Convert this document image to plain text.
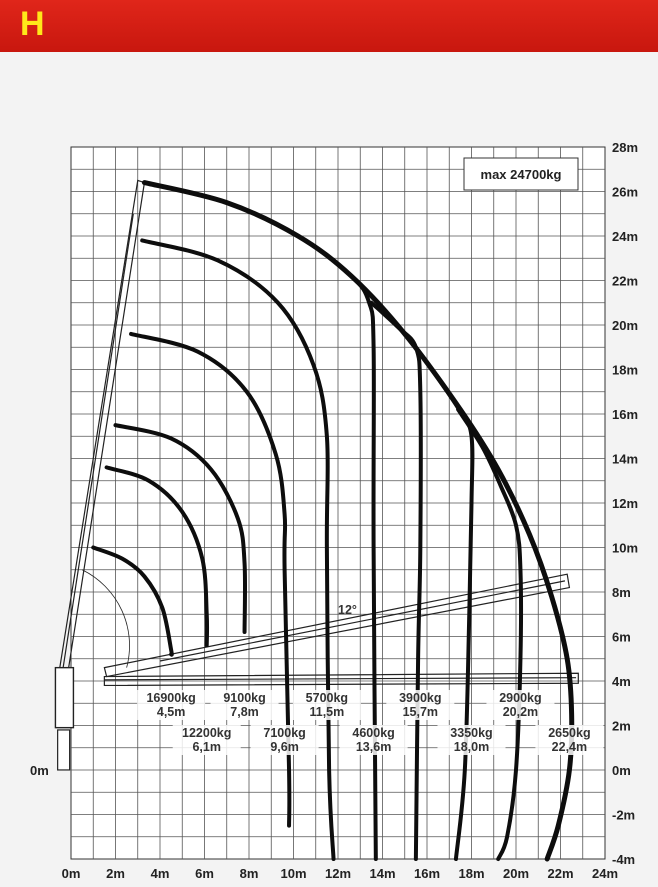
H
16900kg
4,5m
12200kg
6,1m
9100kg
7,8m
7100kg
9,6m
5700kg
11,5m
4600kg
13,6m
3900kg
15,7m
3350kg
18,0m
2900kg
20,2m
2650kg
22,4m
0m 2m 4m 6m 8m 10m 12m 14m 16m 18m 20m 22m 24m
28m
26m
24m
22m
20m
18m
16m
14m
12m
10m
8m
6m
4m
2m
0m
-2m
-4m
0m
max 24700kg
12°
